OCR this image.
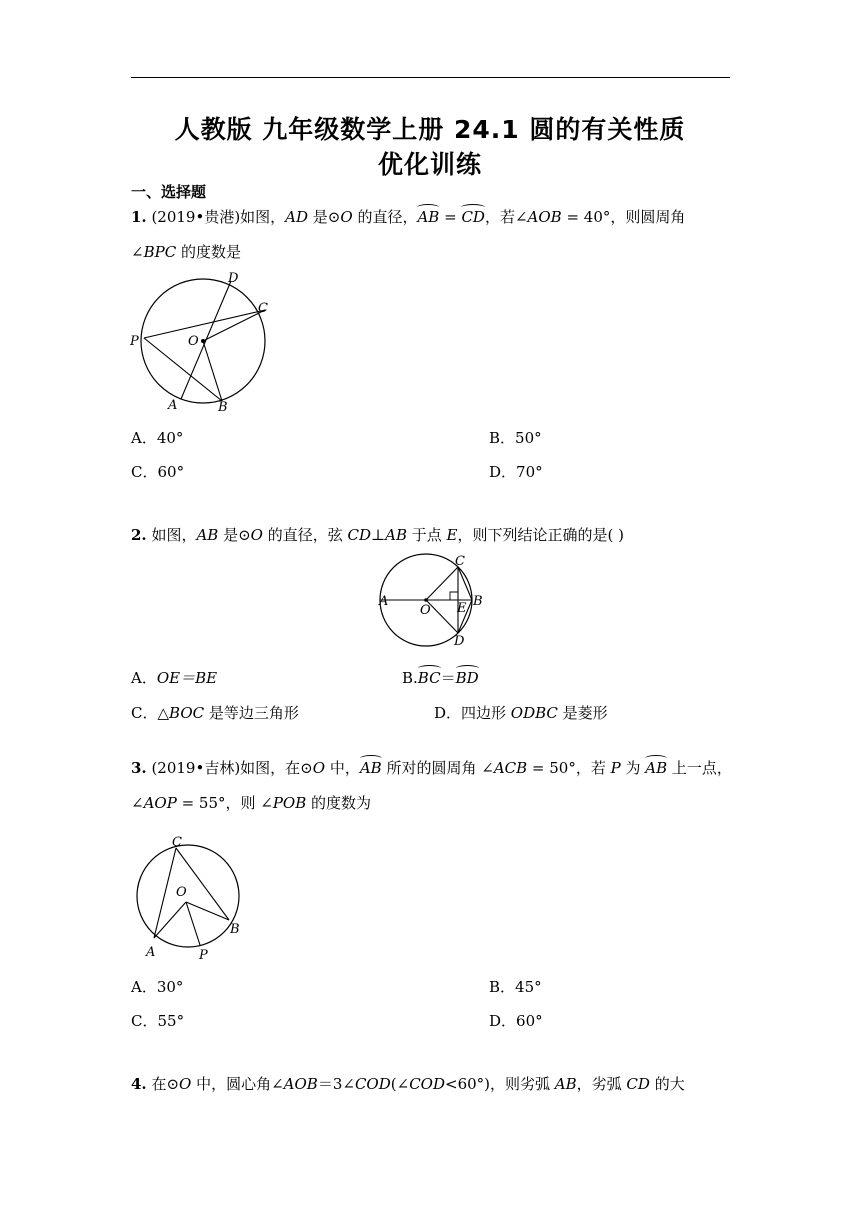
人教版 九年级数学上册 24.1 圆的有关性质
优化训练
一、选择题
1. (2019•贵港)如图，AD 是⊙O 的直径，AB = CD，若∠AOB = 40°，则圆周角
∠BPC 的度数是
D
C
P	O
A	B
A．40°	B．50°
C．60°	D．70°
2. 如图，AB 是⊙O 的直径，弦 CD⊥AB 于点 E，则下列结论正确的是( )
A
O E B
C
D
A．OE＝BE	B.BC＝BD
C．△BOC 是等边三角形	D．四边形 ODBC 是菱形
3. (2019•吉林)如图，在⊙O 中，AB 所对的圆周角 ∠ACB = 50°，若 P 为 AB 上一点，
∠AOP = 55°，则 ∠POB 的度数为
C
O
A	P
B
A．30°	B．45°
C．55°	D．60°
4. 在⊙O 中，圆心角∠AOB＝3∠COD(∠COD<60°)，则劣弧 AB，劣弧 CD 的大
